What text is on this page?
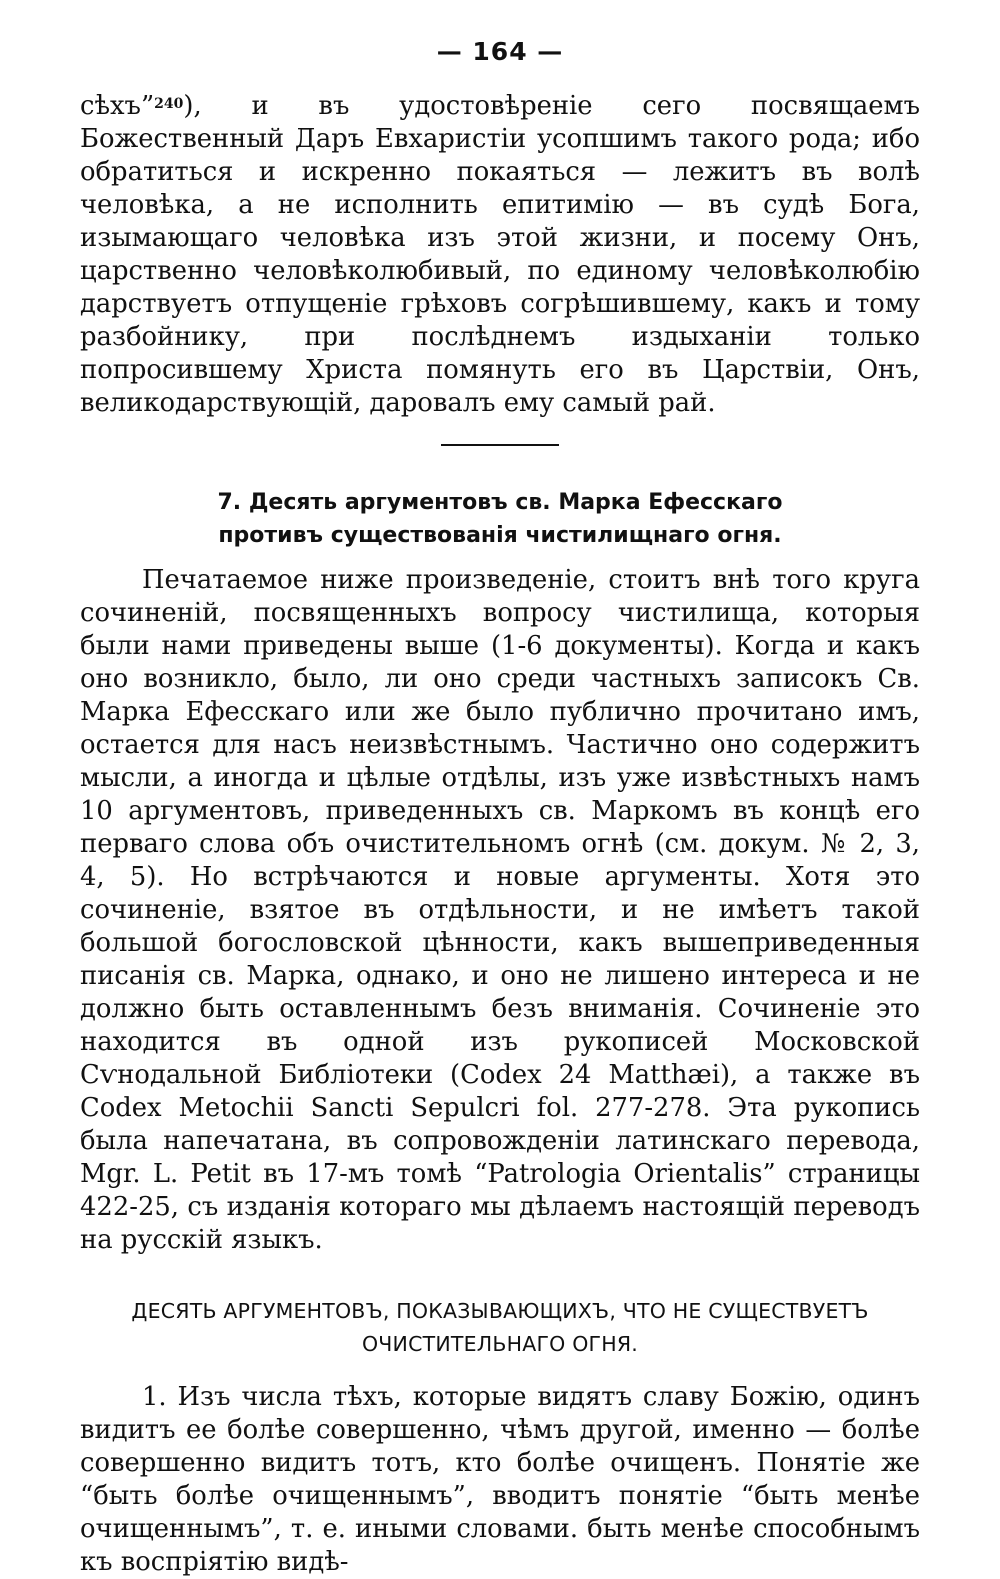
— 164 —

сѣхъ”$^{240}$), и въ удостовѣреніе сего посвящаемъ Божественный Даръ Евхаристіи усопшимъ такого рода; ибо обратиться и искренно покаяться — лежитъ въ волѣ человѣка, а не исполнить епитимію — въ судѣ Бога, изымающаго человѣка изъ этой жизни, и посему Онъ, царственно человѣколюбивый, по единому человѣколюбію дарствуетъ отпущеніе грѣховъ согрѣшившему, какъ и тому разбойнику, при послѣднемъ издыханіи только попросившему Христа помянуть его въ Царствіи, Онъ, великодарствующій, даровалъ ему самый рай.

7. Десять аргументовъ св. Марка Ефесскаго
противъ существованія чистилищнаго огня.

Печатаемое ниже произведеніе, стоитъ внѣ того круга сочиненій, посвященныхъ вопросу чистилища, которыя были нами приведены выше (1-6 документы). Когда и какъ оно возникло, было, ли оно среди частныхъ записокъ Св. Марка Ефесскаго или же было публично прочитано имъ, остается для насъ неизвѣстнымъ. Частично оно содержитъ мысли, а иногда и цѣлые отдѣлы, изъ уже извѣстныхъ намъ 10 аргументовъ, приведенныхъ св. Маркомъ въ концѣ его перваго слова объ очистительномъ огнѣ (см. докум. № 2, 3, 4, 5). Но встрѣчаются и новые аргументы. Хотя это сочиненіе, взятое въ отдѣльности, и не имѣетъ такой большой богословской цѣнности, какъ вышеприведенныя писанія св. Марка, однако, и оно не лишено интереса и не должно быть оставленнымъ безъ вниманія. Сочиненіе это находится въ одной изъ рукописей Московской Сѵнодальной Библіотеки (Codex 24 Matthæi), а также въ Codex Metochii Sancti Sepulcri fol. 277-278. Эта рукопись была напечатана, въ сопровожденіи латинскаго перевода, Mgr. L. Petit въ 17-мъ томѣ “Patrologia Orientalis” страницы 422-25, съ изданія котораго мы дѣлаемъ настоящій переводъ на русскій языкъ.

ДЕСЯТЬ АРГУМЕНТОВЪ, ПОКАЗЫВАЮЩИХЪ, ЧТО НЕ СУЩЕСТВУЕТЪ
ОЧИСТИТЕЛЬНАГО ОГНЯ.

1. Изъ числа тѣхъ, которые видятъ славу Божію, одинъ видитъ ее болѣе совершенно, чѣмъ другой, именно — болѣе совершенно видитъ тотъ, кто болѣе очищенъ. Понятіе же “быть болѣе очищеннымъ”, вводитъ понятіе “быть менѣе очищеннымъ”, т. е. иными словами. быть менѣе способнымъ къ воспріятію видѣ-
